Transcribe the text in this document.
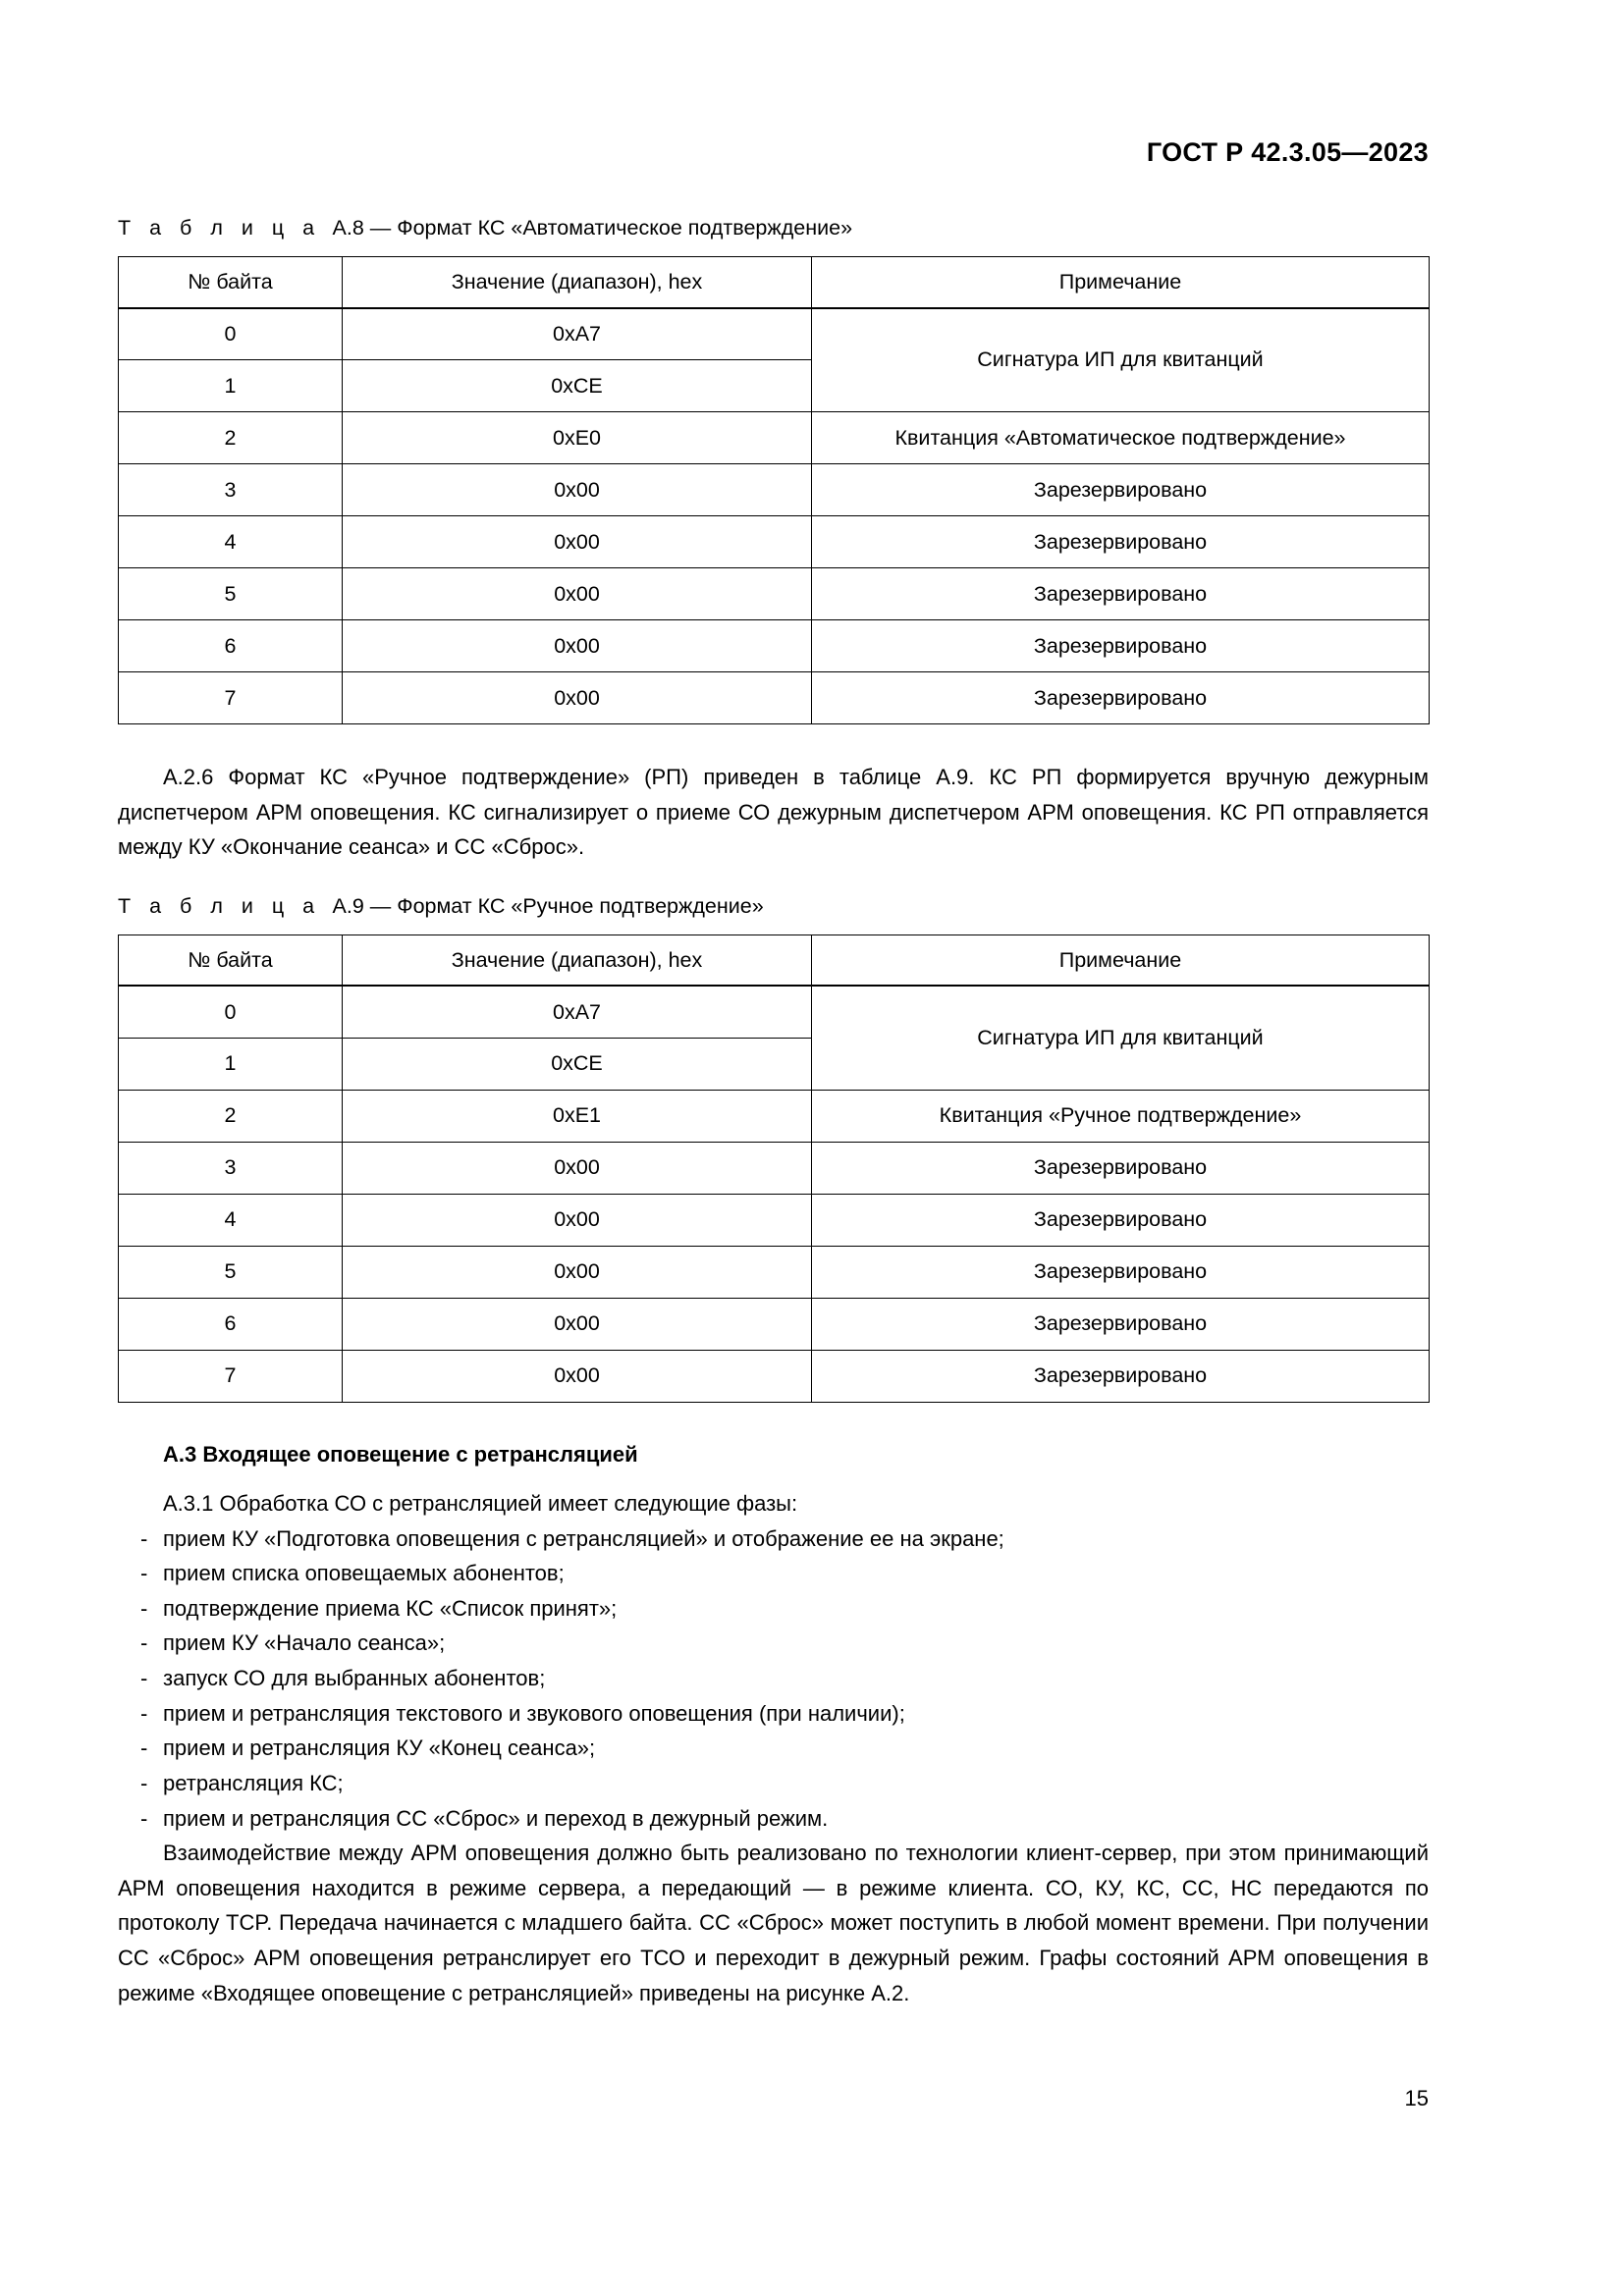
ГОСТ Р 42.3.05—2023
Т а б л и ц а А.8 — Формат КС «Автоматическое подтверждение»
№ байта	Значение (диапазон), hex	Примечание
0	0xA7	Сигнатура ИП для квитанций
1	0xCE	
2	0xE0	Квитанция «Автоматическое подтверждение»
3	0x00	Зарезервировано
4	0x00	Зарезервировано
5	0x00	Зарезервировано
6	0x00	Зарезервировано
7	0x00	Зарезервировано

А.2.6 Формат КС «Ручное подтверждение» (РП) приведен в таблице А.9. КС РП формируется вручную дежурным диспетчером АРМ оповещения. КС сигнализирует о приеме СО дежурным диспетчером АРМ оповещения. КС РП отправляется между КУ «Окончание сеанса» и СС «Сброс».

Т а б л и ц а А.9 — Формат КС «Ручное подтверждение»
№ байта	Значение (диапазон), hex	Примечание
0	0xA7	Сигнатура ИП для квитанций
1	0xCE	
2	0xE1	Квитанция «Ручное подтверждение»
3	0x00	Зарезервировано
4	0x00	Зарезервировано
5	0x00	Зарезервировано
6	0x00	Зарезервировано
7	0x00	Зарезервировано
А.3 Входящее оповещение с ретрансляцией
А.3.1 Обработка СО с ретрансляцией имеет следующие фазы:
- прием КУ «Подготовка оповещения с ретрансляцией» и отображение ее на экране;
- прием списка оповещаемых абонентов;
- подтверждение приема КС «Список принят»;
- прием КУ «Начало сеанса»;
- запуск СО для выбранных абонентов;
- прием и ретрансляция текстового и звукового оповещения (при наличии);
- прием и ретрансляция КУ «Конец сеанса»;
- ретрансляция КС;
- прием и ретрансляция СС «Сброс» и переход в дежурный режим.

Взаимодействие между АРМ оповещения должно быть реализовано по технологии клиент-сервер, при этом принимающий АРМ оповещения находится в режиме сервера, а передающий — в режиме клиента. СО, КУ, КС, СС, НС передаются по протоколу TCP. Передача начинается с младшего байта. СС «Сброс» может поступить в любой момент времени. При получении СС «Сброс» АРМ оповещения ретранслирует его ТСО и переходит в дежурный режим. Графы состояний АРМ оповещения в режиме «Входящее оповещение с ретрансляцией» приведены на рисунке А.2.

15
